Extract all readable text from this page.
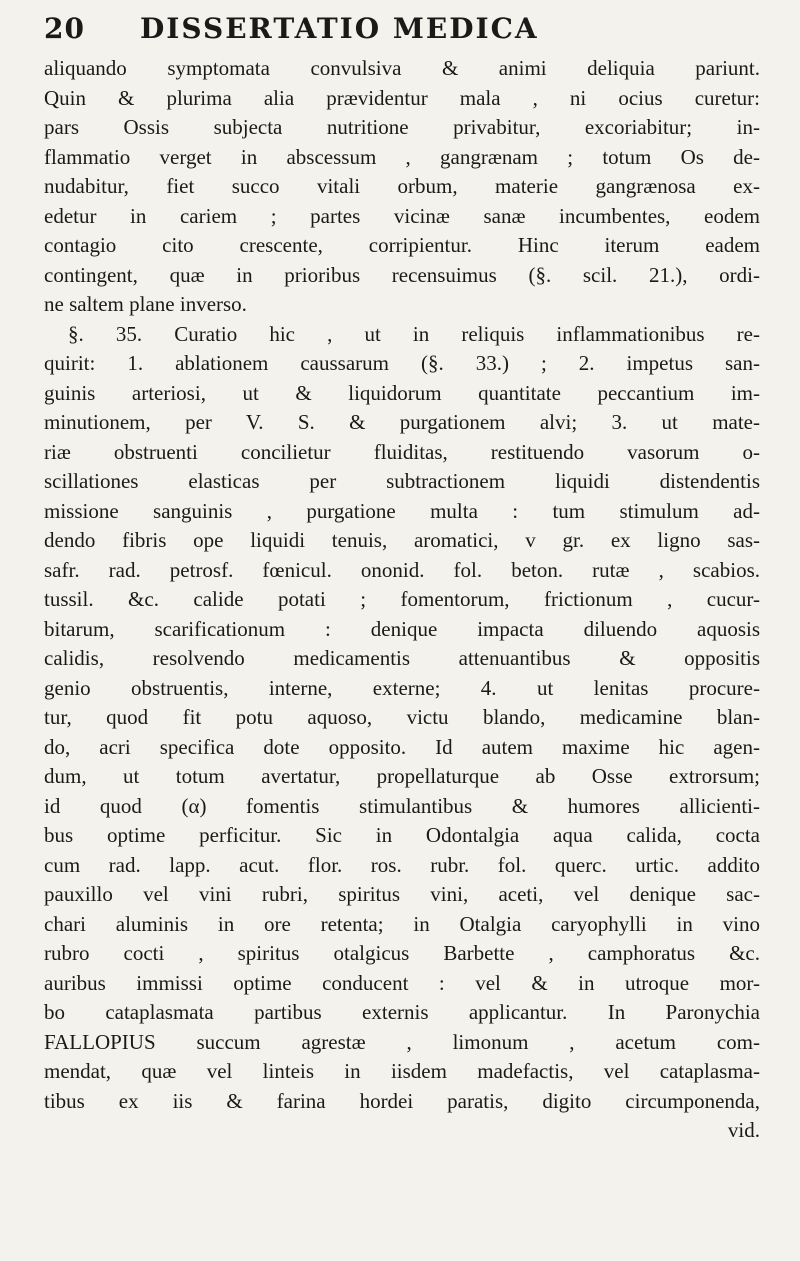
20 DISSERTATIO MEDICA
aliquando symptomata convulsiva & animi deliquia pariunt.
Quin & plurima alia prævidentur mala , ni ocius curetur:
pars Ossis subjecta nutritione privabitur, excoriabitur; in-
flammatio verget in abscessum , gangrænam ; totum Os de-
nudabitur, fiet succo vitali orbum, materie gangrænosa ex-
edetur in cariem ; partes vicinæ sanæ incumbentes, eodem
contagio cito crescente, corripientur. Hinc iterum eadem
contingent, quæ in prioribus recensuimus (§. scil. 21.), ordi-
ne saltem plane inverso.
§. 35. Curatio hic , ut in reliquis inflammationibus re-
quirit: 1. ablationem caussarum (§. 33.) ; 2. impetus san-
guinis arteriosi, ut & liquidorum quantitate peccantium im-
minutionem, per V. S. & purgationem alvi; 3. ut mate-
riæ obstruenti concilietur fluiditas, restituendo vasorum o-
scillationes elasticas per subtractionem liquidi distendentis
missione sanguinis , purgatione multa : tum stimulum ad-
dendo fibris ope liquidi tenuis, aromatici, v gr. ex ligno sas-
safr. rad. petrosf. fœnicul. ononid. fol. beton. rutæ , scabios.
tussil. &c. calide potati ; fomentorum, frictionum , cucur-
bitarum, scarificationum : denique impacta diluendo aquosis
calidis, resolvendo medicamentis attenuantibus & oppositis
genio obstruentis, interne, externe; 4. ut lenitas procure-
tur, quod fit potu aquoso, victu blando, medicamine blan-
do, acri specifica dote opposito. Id autem maxime hic agen-
dum, ut totum avertatur, propellaturque ab Osse extrorsum;
id quod (α) fomentis stimulantibus & humores allicienti-
bus optime perficitur. Sic in Odontalgia aqua calida, cocta
cum rad. lapp. acut. flor. ros. rubr. fol. querc. urtic. addito
pauxillo vel vini rubri, spiritus vini, aceti, vel denique sac-
chari aluminis in ore retenta; in Otalgia caryophylli in vino
rubro cocti , spiritus otalgicus Barbette , camphoratus &c.
auribus immissi optime conducent : vel & in utroque mor-
bo cataplasmata partibus externis applicantur. In Paronychia
FALLOPIUS succum agrestæ , limonum , acetum com-
mendat, quæ vel linteis in iisdem madefactis, vel cataplasma-
tibus ex iis & farina hordei paratis, digito circumponenda,
vid.
